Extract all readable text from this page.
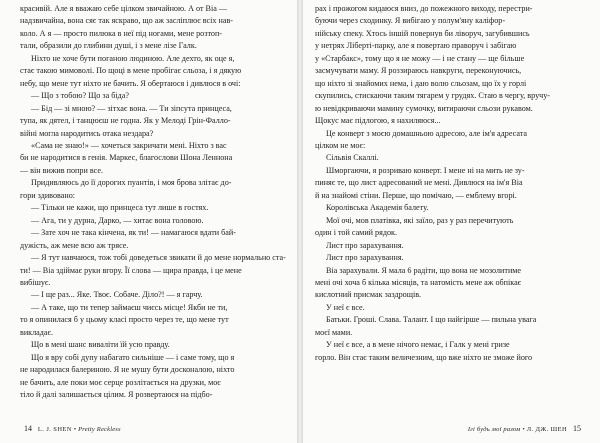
красивій. Але я вважаю себе цілком звичайною. А от Віа —

надзвичайна, вона сяє так яскраво, що аж засліплює всіх нав-

коло. А я — просто пилюка в неї під ногами, мене розтоп-

тали, образили до глибини душі, і з мене лізе Галк.

Ніхто не хоче бути поганою людиною. Але дехто, як оце я,

стає такою мимоволі. По щоці в мене пробігає сльоза, і я дякую

небу, що мене тут ніхто не бачить. Я обертаюся і дивлюся в очі:

— Що з тобою? Що за біда?

— Бід — зі мною? — зітхає вона. — Ти зіпсута принцеса,

тупа, як дятел, і танцюєш не годна. Як у Мелоді Грін-Фалло-

війні могла народитись отака нездара?

«Сама не знаю!» — хочеться закричати мені. Ніхто з вас

би не народитися в генія. Маркес, благослови Шона Леннона

— він вижив попри все.

Придивляюсь до її дорогих пуантів, і моя брова злітає до-

гори здивовано:

— Тільки не кажи, що принцеса тут лише в гостях.

— Ага, ти у дурна, Дарко, — хитає вона головою.

— Зате хоч не така кінчена, як ти! — намагаюся вдати бай-

дужість, аж мене всю аж трясе.

— Я тут навчаюся, тож тобі доведеться звикати й до мене нормально ста-

ти! — Віа здіймає руки вгору. Її слова — щира правда, і це мене

вибішує.

— І ще раз... Яке. Твоє. Собаче. Діло?! — я гарчу.

— А таке, що ти тепер займаєш чиєсь місце! Якби не ти,

то я опинилася б у цьому класі просто через те, що мене тут

викладає.

Що в мені шанс виваліти їй усю правду.

Що я вру собі дупу набагато сильніше — і саме тому, що я

не народилася балериною. Я не мушу бути досконалою, ніхто

не бачить, але поки моє серце розлітається на друзки, моє

тіло й далі залишається цілим. Я розвертаюся на підбо-

14 L. J. SHEN • Pretty Reckless

рах і прожогом кидаюся вниз, до пожежного виходу, перестри-

буючи через сходинку. Я вибігаю у полум'яну каліфор-

нійську спеку. Хтось іншій повернув би ліворуч, загубившись

у нетрях Ліберті-парку, але я повертаю праворуч і забігаю

у «Старбакс», тому що я не можу — і не стану — ще більше

засмучувати маму. Я роззираюсь навкруги, переконуючись,

що ніхто зі знайомих нема, і даю волю сльозам, що їх у горлі

скупились, стискаючи таким тягарем у грудях. Стаю в чергу, вручу-

ю невідкриваючи мамину сумочку, витираючи сльози рукавом.

Щокус має підлогою, я нахиляюся...

Це конверт з моєю домашньою адресою, але ім'я адресата

цілком не моє:

Сільвія Скаллі.

Шморгаючи, я розриваю конверт. І мене ні на мить не зу-

пиняє те, що лист адресований не мені. Дивлюся на ім'я Віа

й на знайомі стіни. Перше, що помічаю, — емблему вгорі.

Королівська Академія балету.

Мої очі, мов платівка, які заїло, раз у раз перечитують

один і той самий рядок.

Лист про зарахування.

Лист про зарахування.

Віа зарахували. Я мала 6 радіти, що вона не мозолитиме

мені очі хоча б кілька місяців, та натомість мене аж обпікає

кислотний присмак заздрощів.

У неї є все.

Батьки. Гроші. Слава. Талант. І що найгірше — пильна увага

моєї мами.

У неї є все, а в мене нічого немає, і Галк у мені гризе

горло. Він стає таким величезним, що вже ніхто не зможе його

Ігі будь мої разом • Л. ДЖ. ШЕН 15
